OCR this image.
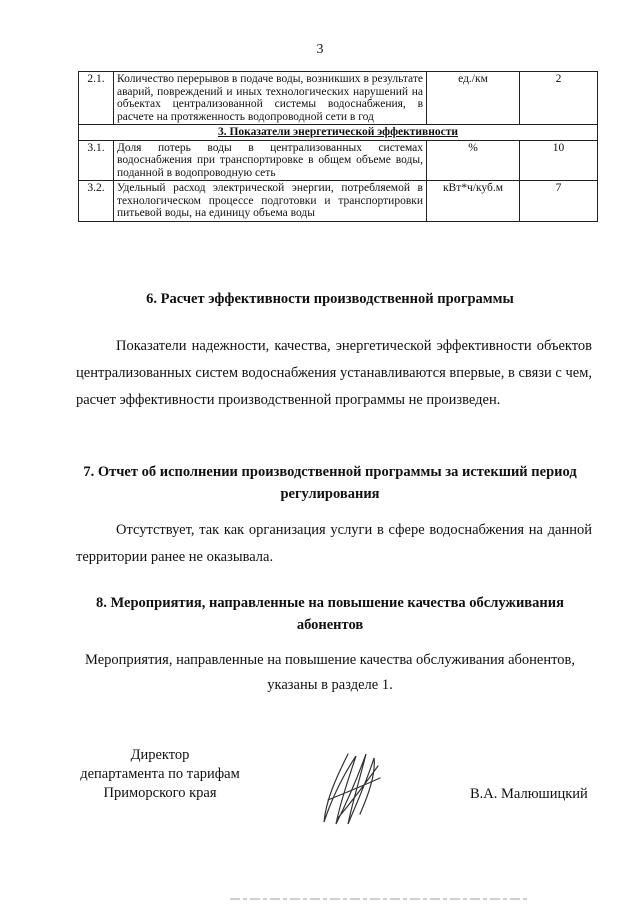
3
2.1.	Количество перерывов в подаче воды, возникших в результате аварий, повреждений и иных технологических нарушений на объектах централизованной системы водоснабжения, в расчете на протяженность водопроводной сети в год	ед./км	2
3. Показатели энергетической эффективности			
3.1.	Доля потерь воды в централизованных системах водоснабжения при транспортировке в общем объеме воды, поданной в водопроводную сеть	%	10
3.2.	Удельный расход электрической энергии, потребляемой в технологическом процессе подготовки и транспортировки питьевой воды, на единицу объема воды	кВт*ч/куб.м	7
6. Расчет эффективности производственной программы
Показатели надежности, качества, энергетической эффективности объектов централизованных систем водоснабжения устанавливаются впервые, в связи с чем, расчет эффективности производственной программы не произведен.
7. Отчет об исполнении производственной программы за истекший период регулирования
Отсутствует, так как организация услуги в сфере водоснабжения на данной территории ранее не оказывала.
8. Мероприятия, направленные на повышение качества обслуживания абонентов
Мероприятия, направленные на повышение качества обслуживания абонентов,
указаны в разделе 1.
Директор
департамента по тарифам
Приморского края	В.А. Малюшицкий
